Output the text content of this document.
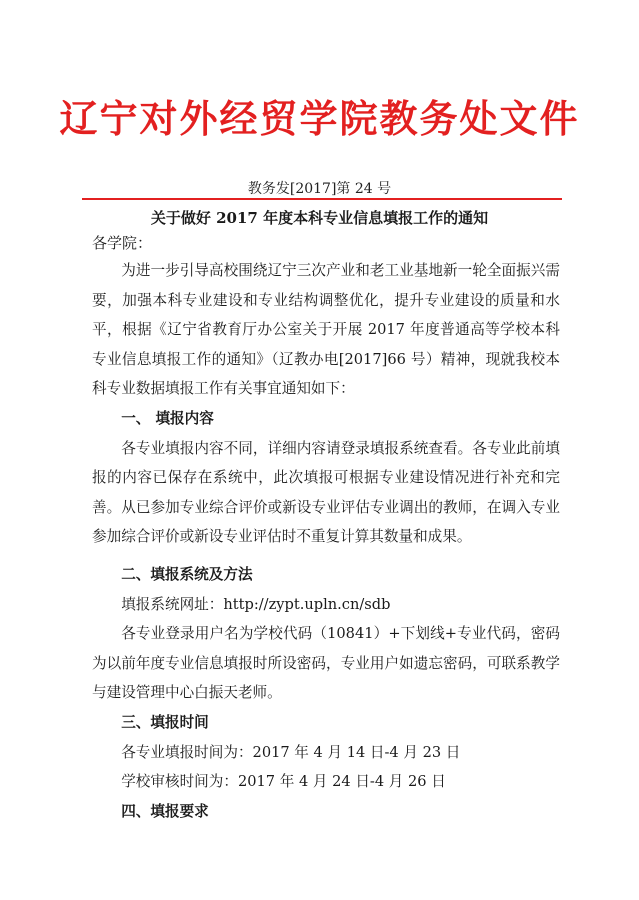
辽宁对外经贸学院教务处文件
教务发[2017]第 24 号
关于做好 2017 年度本科专业信息填报工作的通知
各学院：

为进一步引导高校围绕辽宁三次产业和老工业基地新一轮全面振兴需要，加强本科专业建设和专业结构调整优化，提升专业建设的质量和水平，根据《辽宁省教育厅办公室关于开展 2017 年度普通高等学校本科专业信息填报工作的通知》（辽教办电[2017]66 号）精神，现就我校本科专业数据填报工作有关事宜通知如下：

一、 填报内容

各专业填报内容不同，详细内容请登录填报系统查看。各专业此前填报的内容已保存在系统中，此次填报可根据专业建设情况进行补充和完善。从已参加专业综合评价或新设专业评估专业调出的教师，在调入专业参加综合评价或新设专业评估时不重复计算其数量和成果。

二、填报系统及方法

填报系统网址：http://zypt.upln.cn/sdb

各专业登录用户名为学校代码（10841）+下划线+专业代码，密码为以前年度专业信息填报时所设密码，专业用户如遗忘密码，可联系教学与建设管理中心白振天老师。

三、填报时间

各专业填报时间为：2017 年 4 月 14 日-4 月 23 日

学校审核时间为：2017 年 4 月 24 日-4 月 26 日

四、填报要求
